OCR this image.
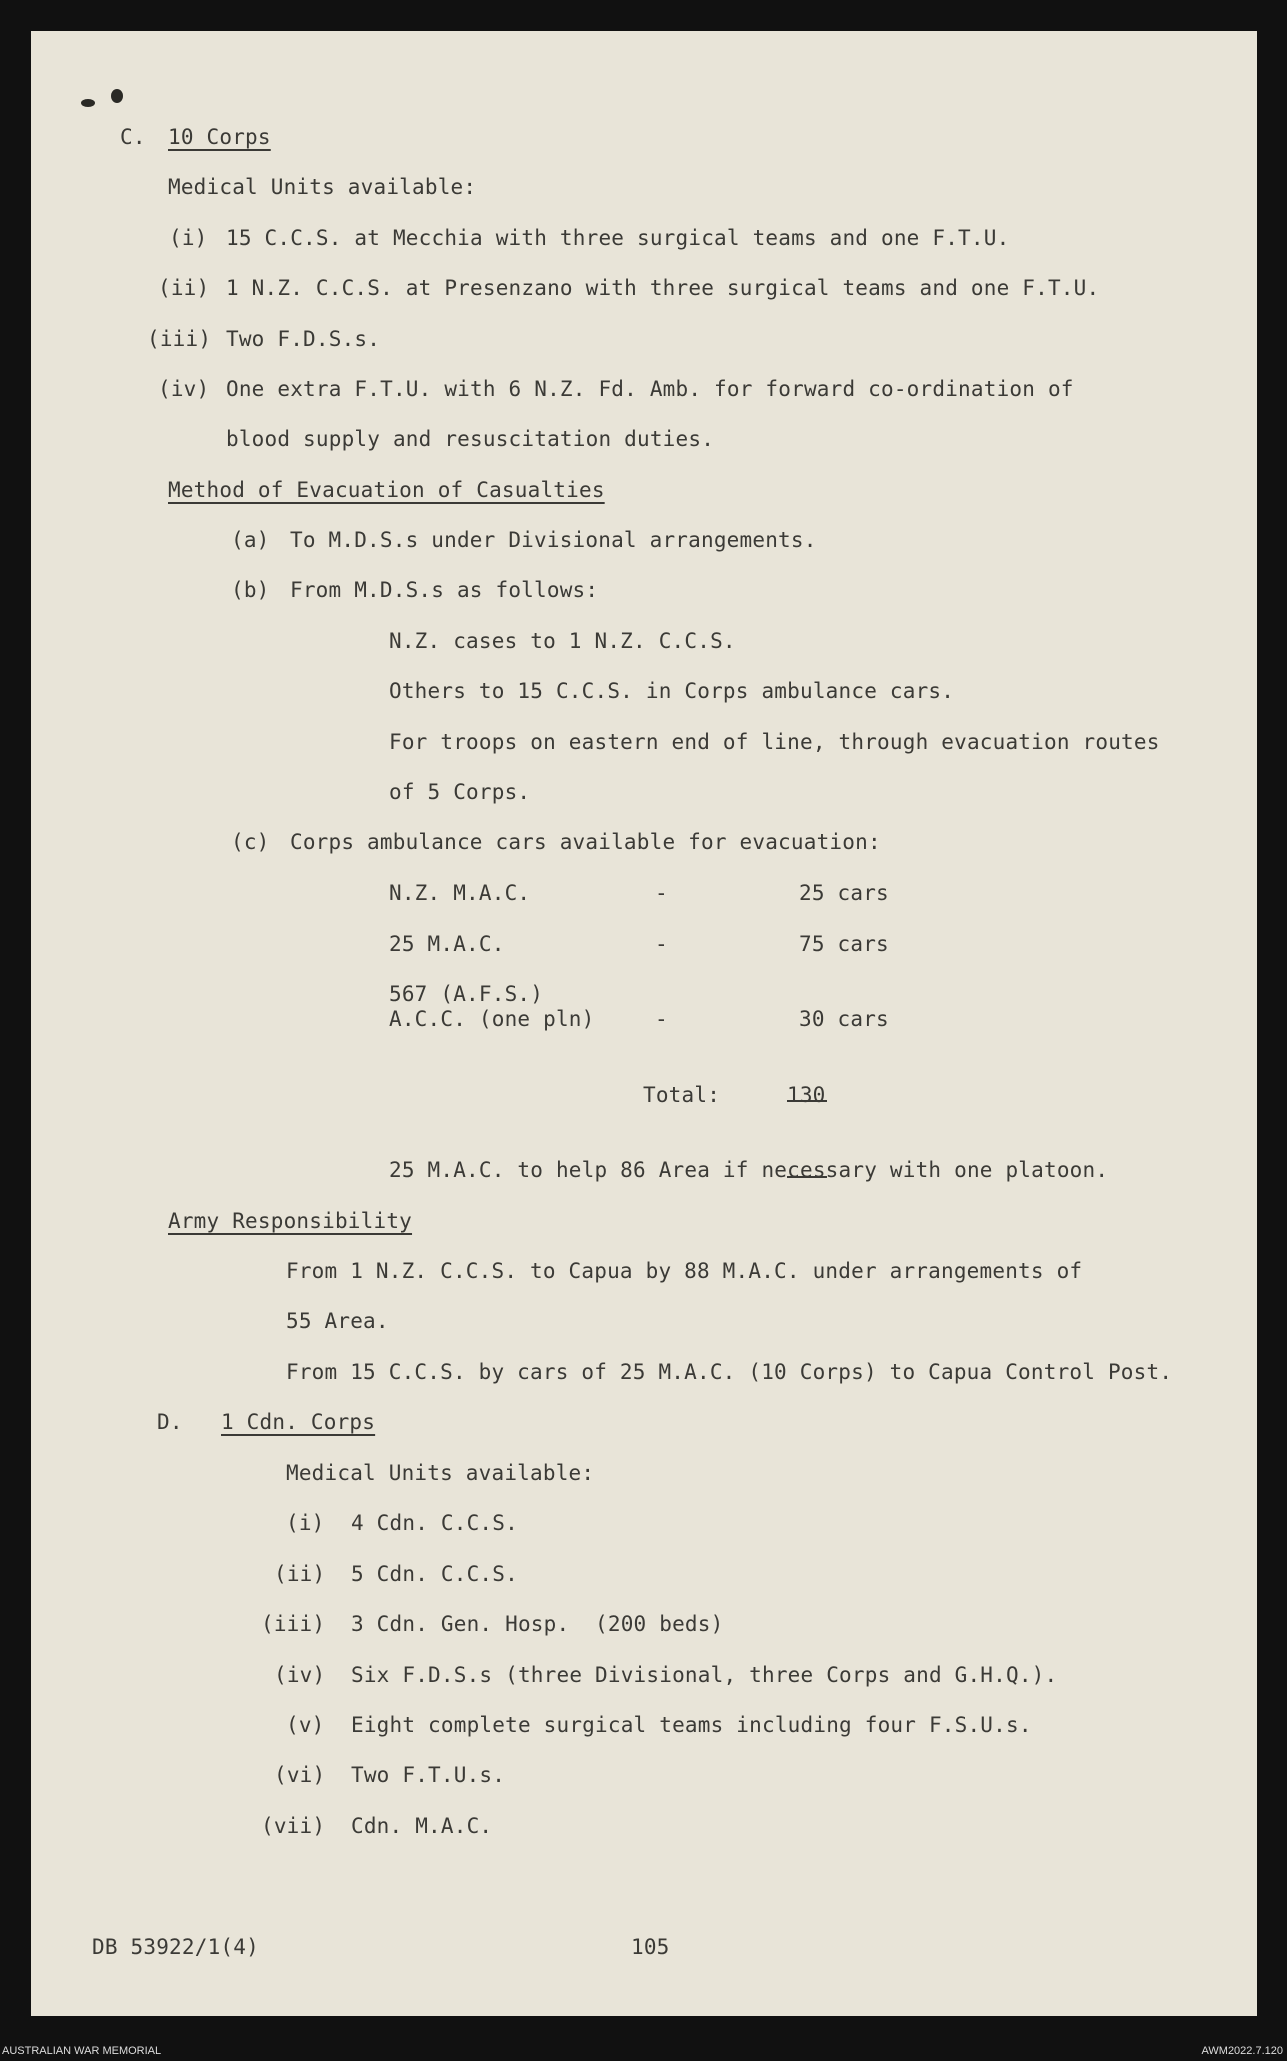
C. 10 Corps
Medical Units available:
(i) 15 C.C.S. at Mecchia with three surgical teams and one F.T.U.
(ii) 1 N.Z. C.C.S. at Presenzano with three surgical teams and one F.T.U.
(iii) Two F.D.S.s.
(iv) One extra F.T.U. with 6 N.Z. Fd. Amb. for forward co-ordination of
blood supply and resuscitation duties.
Method of Evacuation of Casualties
(a) To M.D.S.s under Divisional arrangements.
(b) From M.D.S.s as follows:
N.Z. cases to 1 N.Z. C.C.S.
Others to 15 C.C.S. in Corps ambulance cars.
For troops on eastern end of line, through evacuation routes
of 5 Corps.
(c) Corps ambulance cars available for evacuation:
N.Z. M.A.C.	-	25 cars
25 M.A.C.	-	75 cars
567 (A.F.S.)
A.C.C. (one pln)	-	30 cars
Total:	130
25 M.A.C. to help 86 Area if necessary with one platoon.
Army Responsibility
From 1 N.Z. C.C.S. to Capua by 88 M.A.C. under arrangements of
55 Area.
From 15 C.C.S. by cars of 25 M.A.C. (10 Corps) to Capua Control Post.
D. 1 Cdn. Corps
Medical Units available:
(i) 4 Cdn. C.C.S.
(ii) 5 Cdn. C.C.S.
(iii) 3 Cdn. Gen. Hosp.  (200 beds)
(iv) Six F.D.S.s (three Divisional, three Corps and G.H.Q.).
(v) Eight complete surgical teams including four F.S.U.s.
(vi) Two F.T.U.s.
(vii) Cdn. M.A.C.
DB 53922/1(4)	105
AUSTRALIAN WAR MEMORIAL	AWM2022.7.120
